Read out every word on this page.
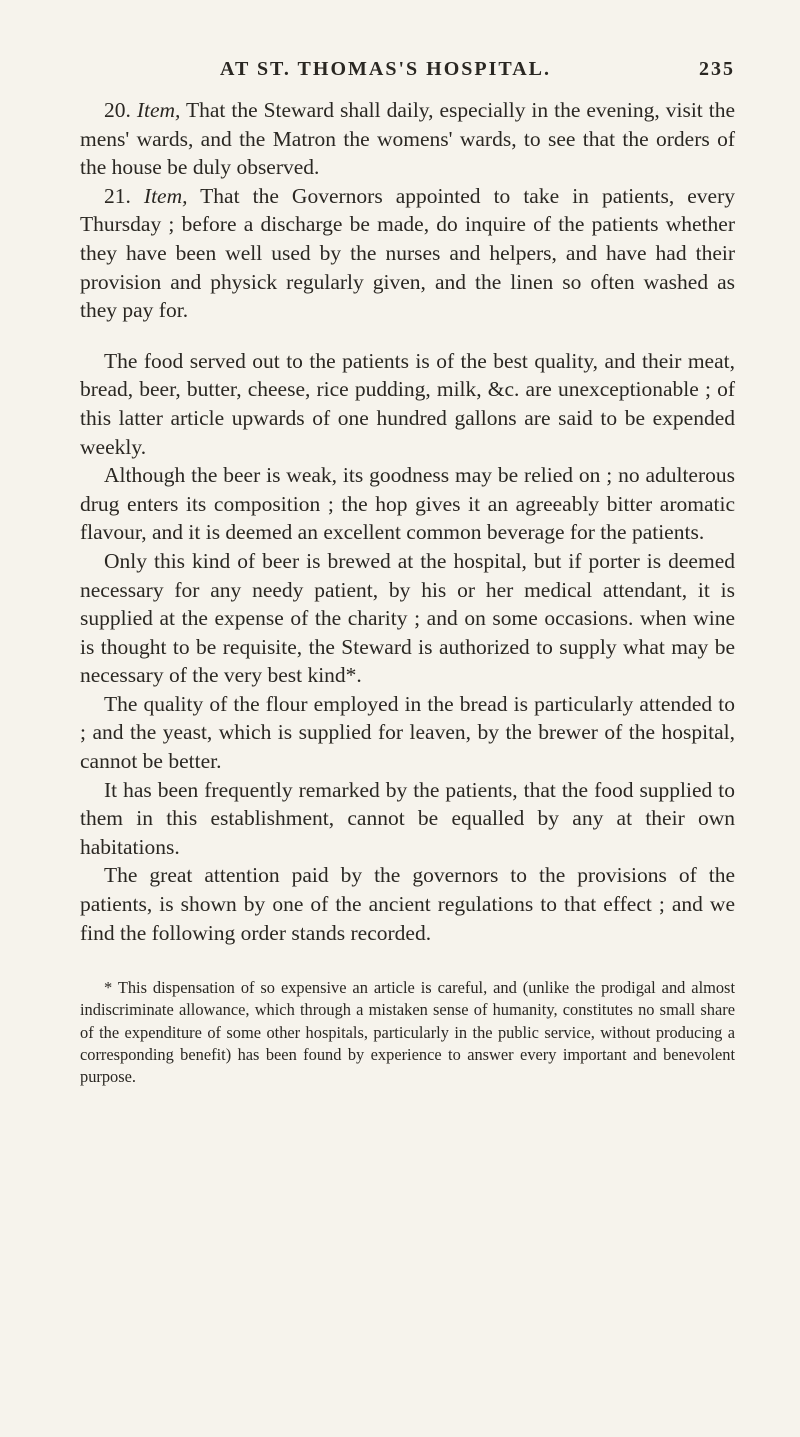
AT ST. THOMAS'S HOSPITAL.	235

20. Item, That the Steward shall daily, especially in the evening, visit the mens' wards, and the Matron the womens' wards, to see that the orders of the house be duly observed.

21. Item, That the Governors appointed to take in patients, every Thursday ; before a discharge be made, do inquire of the patients whether they have been well used by the nurses and helpers, and have had their provision and physick regularly given, and the linen so often washed as they pay for.

The food served out to the patients is of the best quality, and their meat, bread, beer, butter, cheese, rice pudding, milk, &c. are unexceptionable ; of this latter article upwards of one hundred gallons are said to be expended weekly.

Although the beer is weak, its goodness may be relied on ; no adulterous drug enters its composition ; the hop gives it an agreeably bitter aromatic flavour, and it is deemed an excellent common beverage for the patients.

Only this kind of beer is brewed at the hospital, but if porter is deemed necessary for any needy patient, by his or her medical attendant, it is supplied at the expense of the charity ; and on some occasions. when wine is thought to be requisite, the Steward is authorized to supply what may be necessary of the very best kind*.

The quality of the flour employed in the bread is particularly attended to ; and the yeast, which is supplied for leaven, by the brewer of the hospital, cannot be better.

It has been frequently remarked by the patients, that the food supplied to them in this establishment, cannot be equalled by any at their own habitations.

The great attention paid by the governors to the provisions of the patients, is shown by one of the ancient regulations to that effect ; and we find the following order stands recorded.

* This dispensation of so expensive an article is careful, and (unlike the prodigal and almost indiscriminate allowance, which through a mistaken sense of humanity, constitutes no small share of the expenditure of some other hospitals, particularly in the public service, without producing a corresponding benefit) has been found by experience to answer every important and benevolent purpose.
